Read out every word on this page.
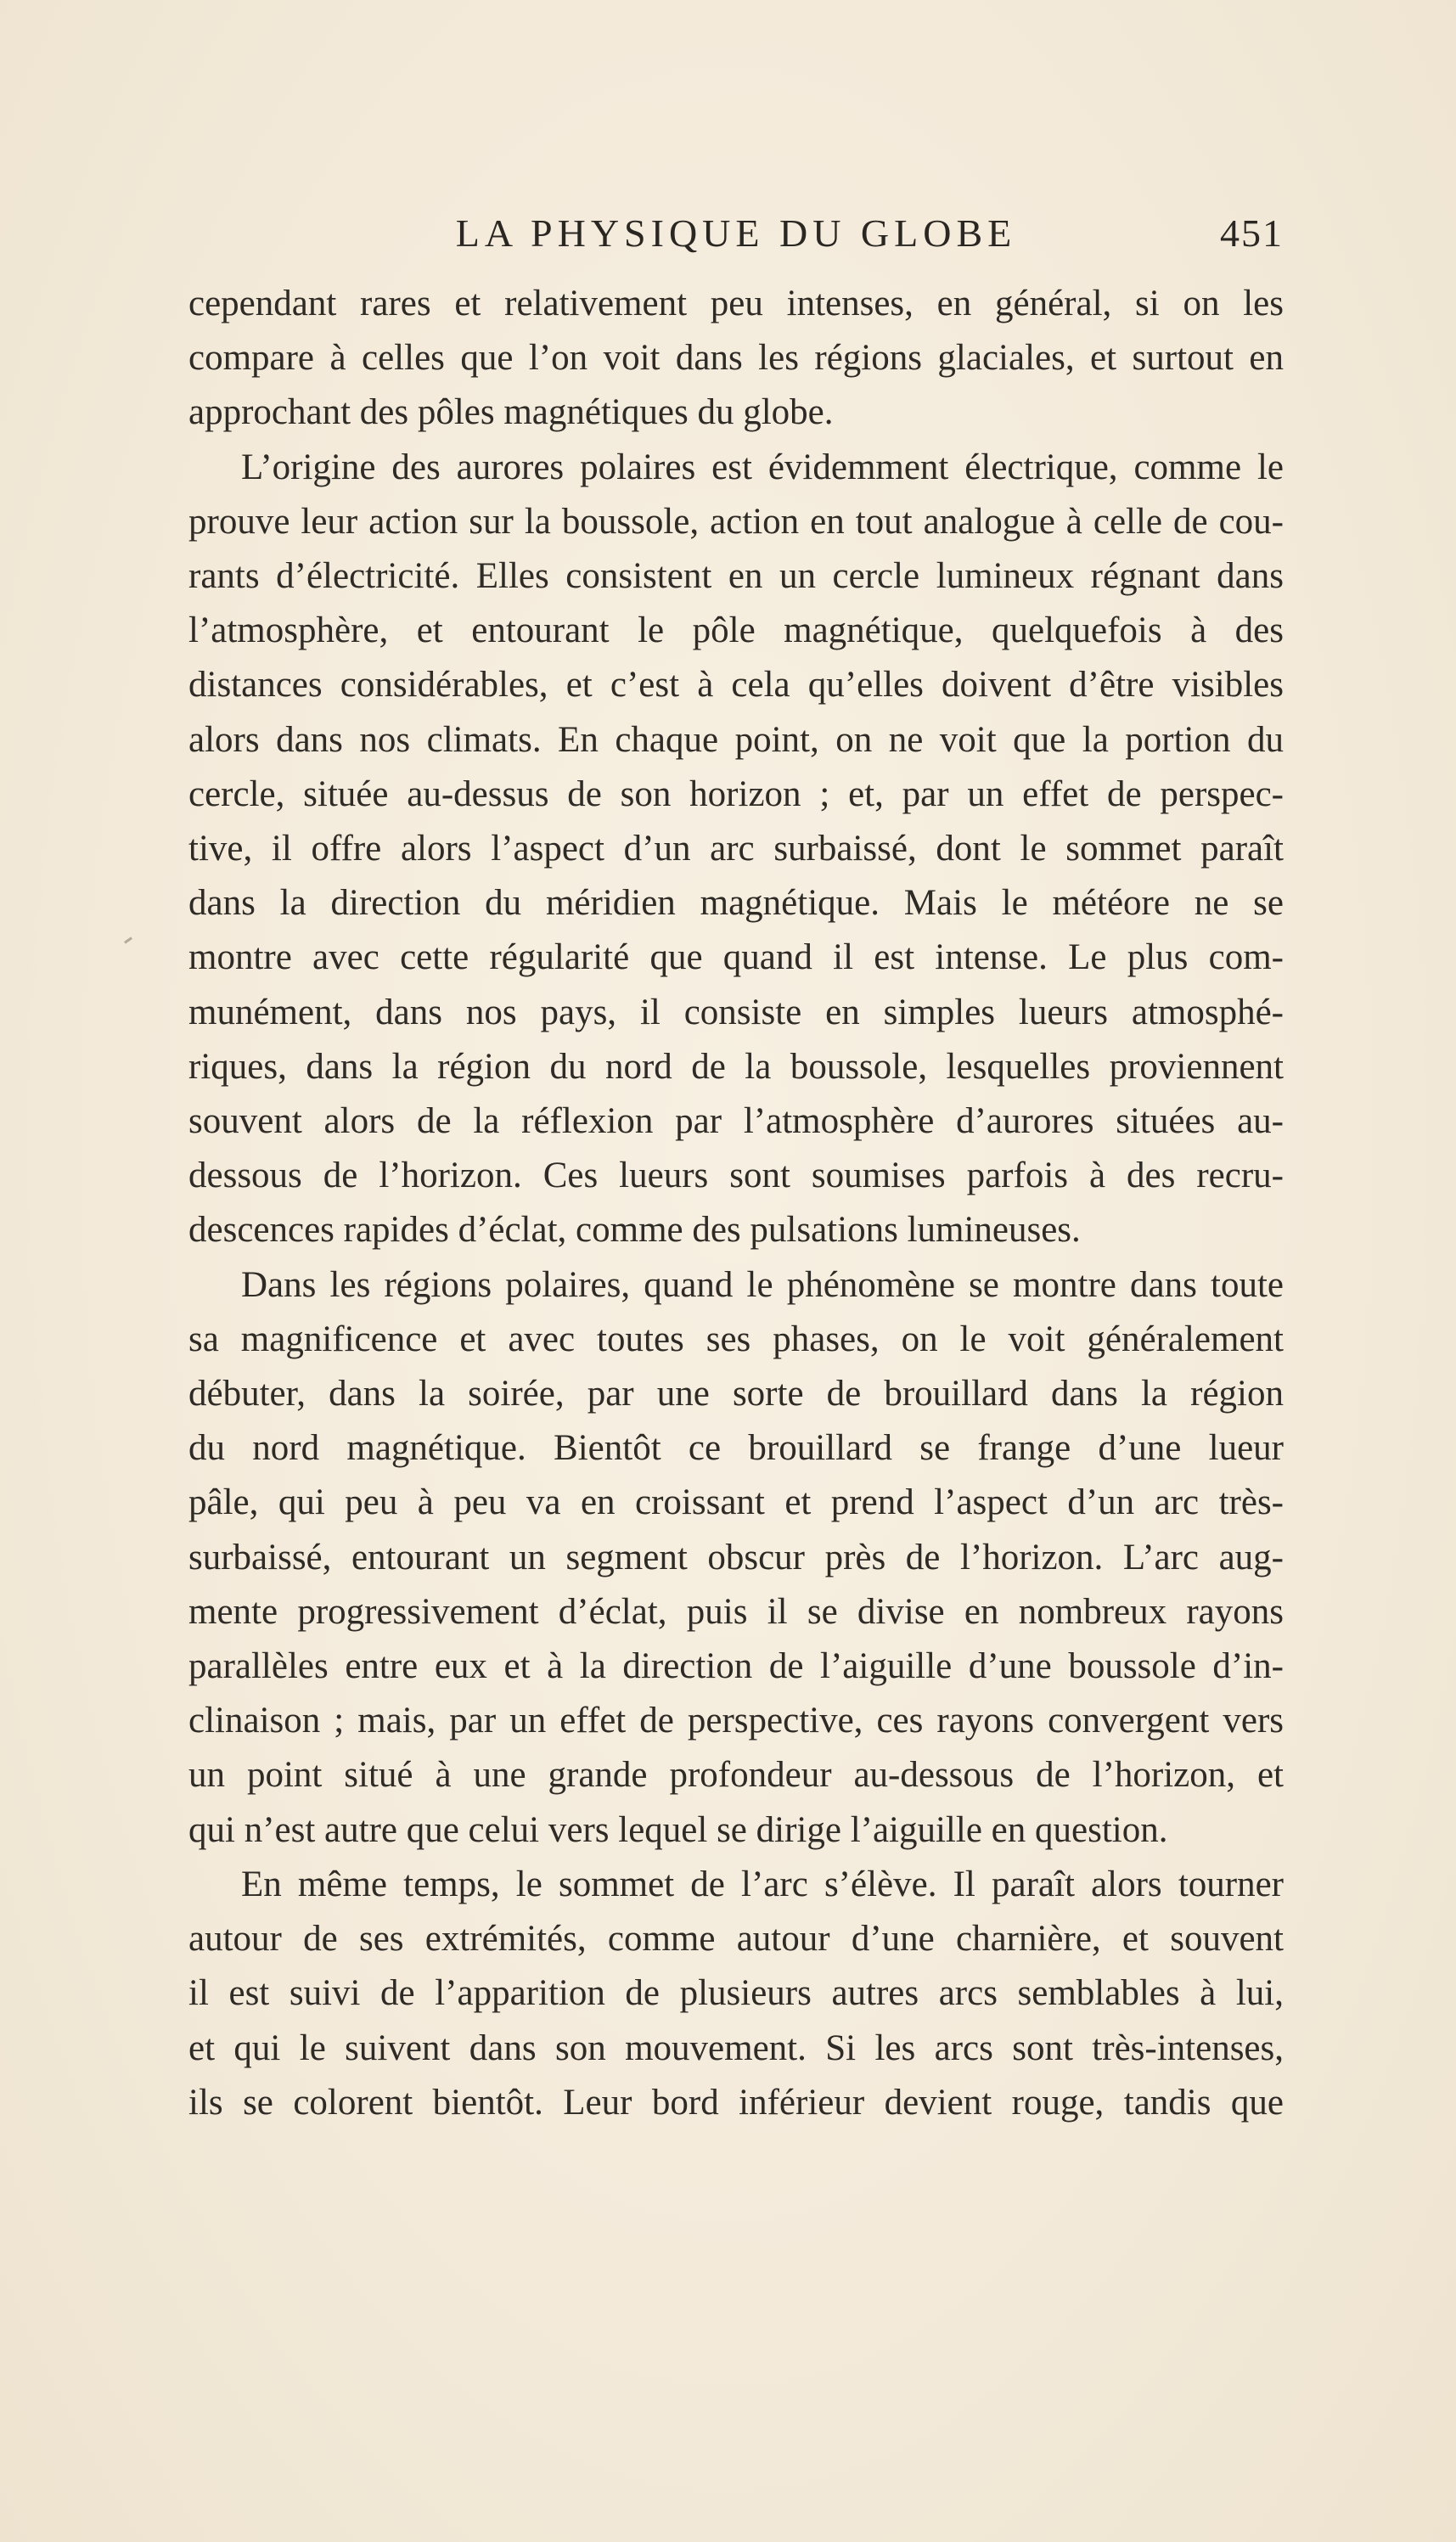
LA PHYSIQUE DU GLOBE	451
cependant rares et relativement peu intenses, en général, si on les
compare à celles que l’on voit dans les régions glaciales, et surtout en
approchant des pôles magnétiques du globe.
L’origine des aurores polaires est évidemment électrique, comme le
prouve leur action sur la boussole, action en tout analogue à celle de cou-
rants d’électricité. Elles consistent en un cercle lumineux régnant dans
l’atmosphère, et entourant le pôle magnétique, quelquefois à des
distances considérables, et c’est à cela qu’elles doivent d’être visibles
alors dans nos climats. En chaque point, on ne voit que la portion du
cercle, située au-dessus de son horizon ; et, par un effet de perspec-
tive, il offre alors l’aspect d’un arc surbaissé, dont le sommet paraît
dans la direction du méridien magnétique. Mais le météore ne se
montre avec cette régularité que quand il est intense. Le plus com-
munément, dans nos pays, il consiste en simples lueurs atmosphé-
riques, dans la région du nord de la boussole, lesquelles proviennent
souvent alors de la réflexion par l’atmosphère d’aurores situées au-
dessous de l’horizon. Ces lueurs sont soumises parfois à des recru-
descences rapides d’éclat, comme des pulsations lumineuses.
Dans les régions polaires, quand le phénomène se montre dans toute
sa magnificence et avec toutes ses phases, on le voit généralement
débuter, dans la soirée, par une sorte de brouillard dans la région
du nord magnétique. Bientôt ce brouillard se frange d’une lueur
pâle, qui peu à peu va en croissant et prend l’aspect d’un arc très-
surbaissé, entourant un segment obscur près de l’horizon. L’arc aug-
mente progressivement d’éclat, puis il se divise en nombreux rayons
parallèles entre eux et à la direction de l’aiguille d’une boussole d’in-
clinaison ; mais, par un effet de perspective, ces rayons convergent vers
un point situé à une grande profondeur au-dessous de l’horizon, et
qui n’est autre que celui vers lequel se dirige l’aiguille en question.
En même temps, le sommet de l’arc s’élève. Il paraît alors tourner
autour de ses extrémités, comme autour d’une charnière, et souvent
il est suivi de l’apparition de plusieurs autres arcs semblables à lui,
et qui le suivent dans son mouvement. Si les arcs sont très-intenses,
ils se colorent bientôt. Leur bord inférieur devient rouge, tandis que
